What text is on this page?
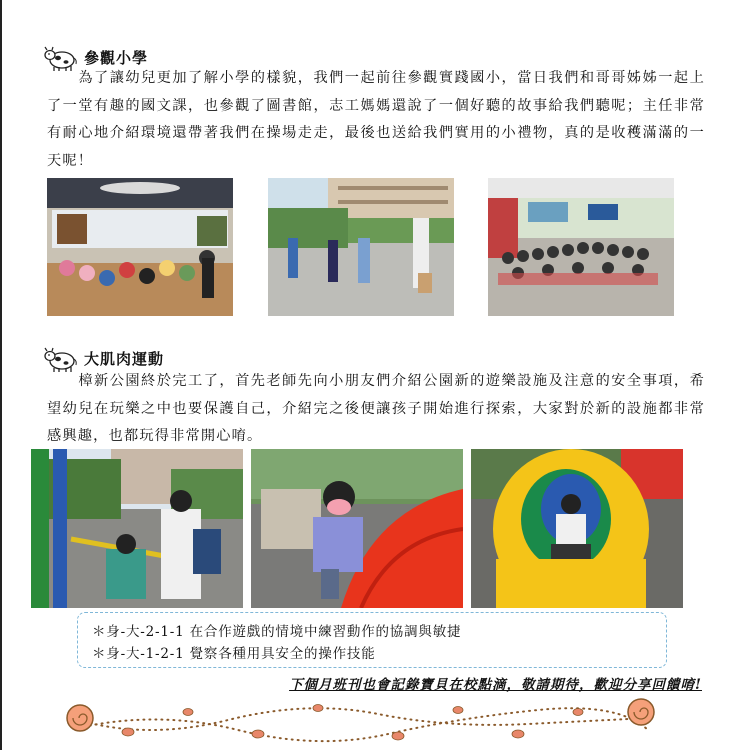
參觀小學

　　為了讓幼兒更加了解小學的樣貌，我們一起前往參觀實踐國小，當日我們和哥哥姊姊一起上了一堂有趣的國文課，也參觀了圖書館，志工媽媽還說了一個好聽的故事給我們聽呢；主任非常有耐心地介紹環境還帶著我們在操場走走，最後也送給我們實用的小禮物，真的是收穫滿滿的一天呢！

大肌肉運動

　　樟新公園終於完工了，首先老師先向小朋友們介紹公園新的遊樂設施及注意的安全事項，希望幼兒在玩樂之中也要保護自己，介紹完之後便讓孩子開始進行探索，大家對於新的設施都非常感興趣，也都玩得非常開心唷。

＊身-大-2-1-1 在合作遊戲的情境中練習動作的協調與敏捷
＊身-大-1-2-1 覺察各種用具安全的操作技能
下個月班刊也會記錄寶貝在校點滴，敬請期待，歡迎分享回饋唷!
